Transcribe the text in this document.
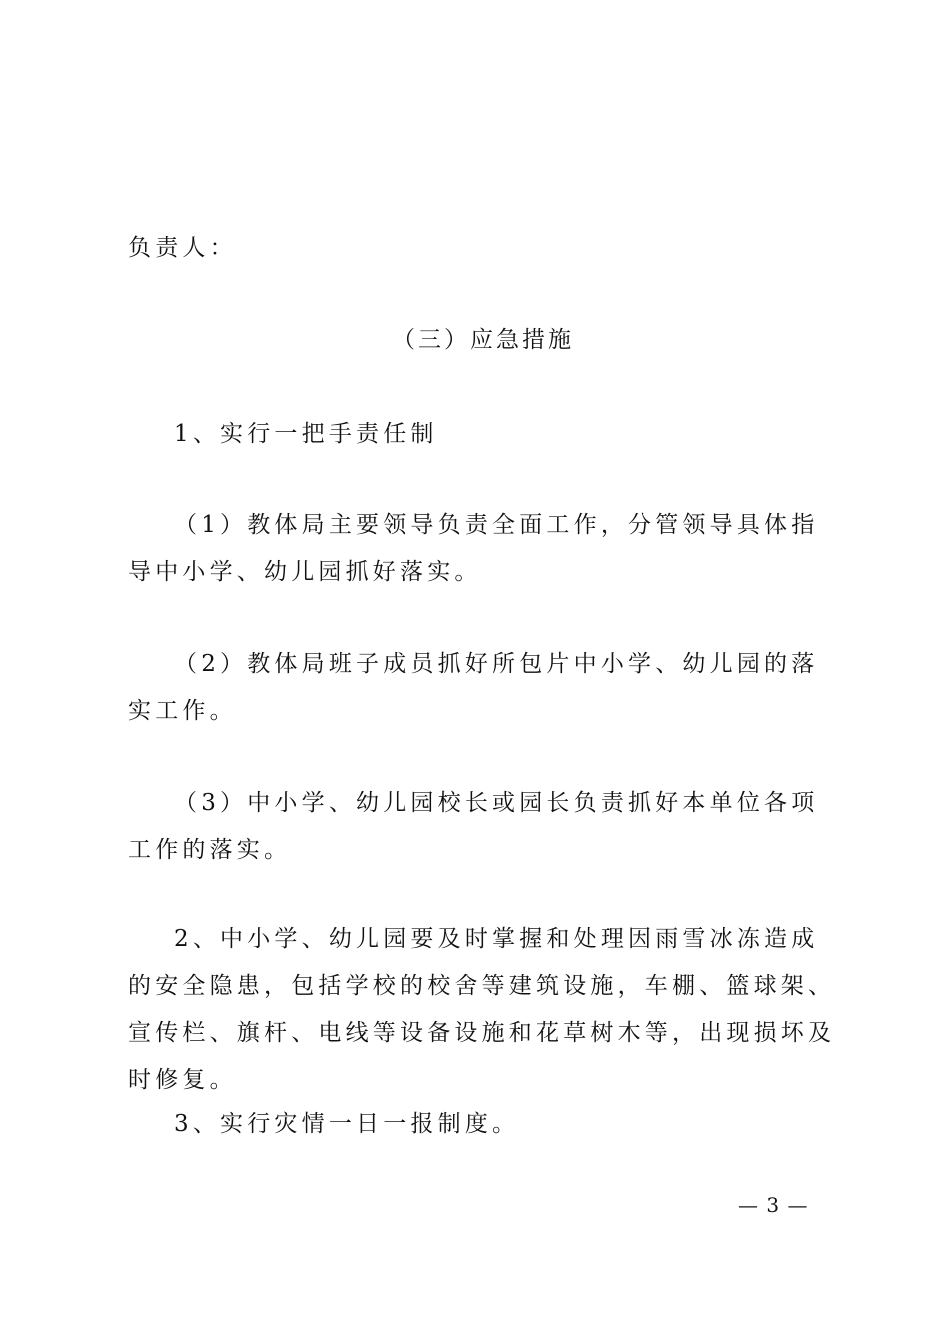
负责人：
（三）应急措施
1、实行一把手责任制
（1）教体局主要领导负责全面工作，分管领导具体指导中小学、幼儿园抓好落实。
（2）教体局班子成员抓好所包片中小学、幼儿园的落实工作。
（3）中小学、幼儿园校长或园长负责抓好本单位各项工作的落实。
2、中小学、幼儿园要及时掌握和处理因雨雪冰冻造成的安全隐患，包括学校的校舍等建筑设施，车棚、篮球架、宣传栏、旗杆、电线等设备设施和花草树木等，出现损坏及时修复。
3、实行灾情一日一报制度。
— 3 —
